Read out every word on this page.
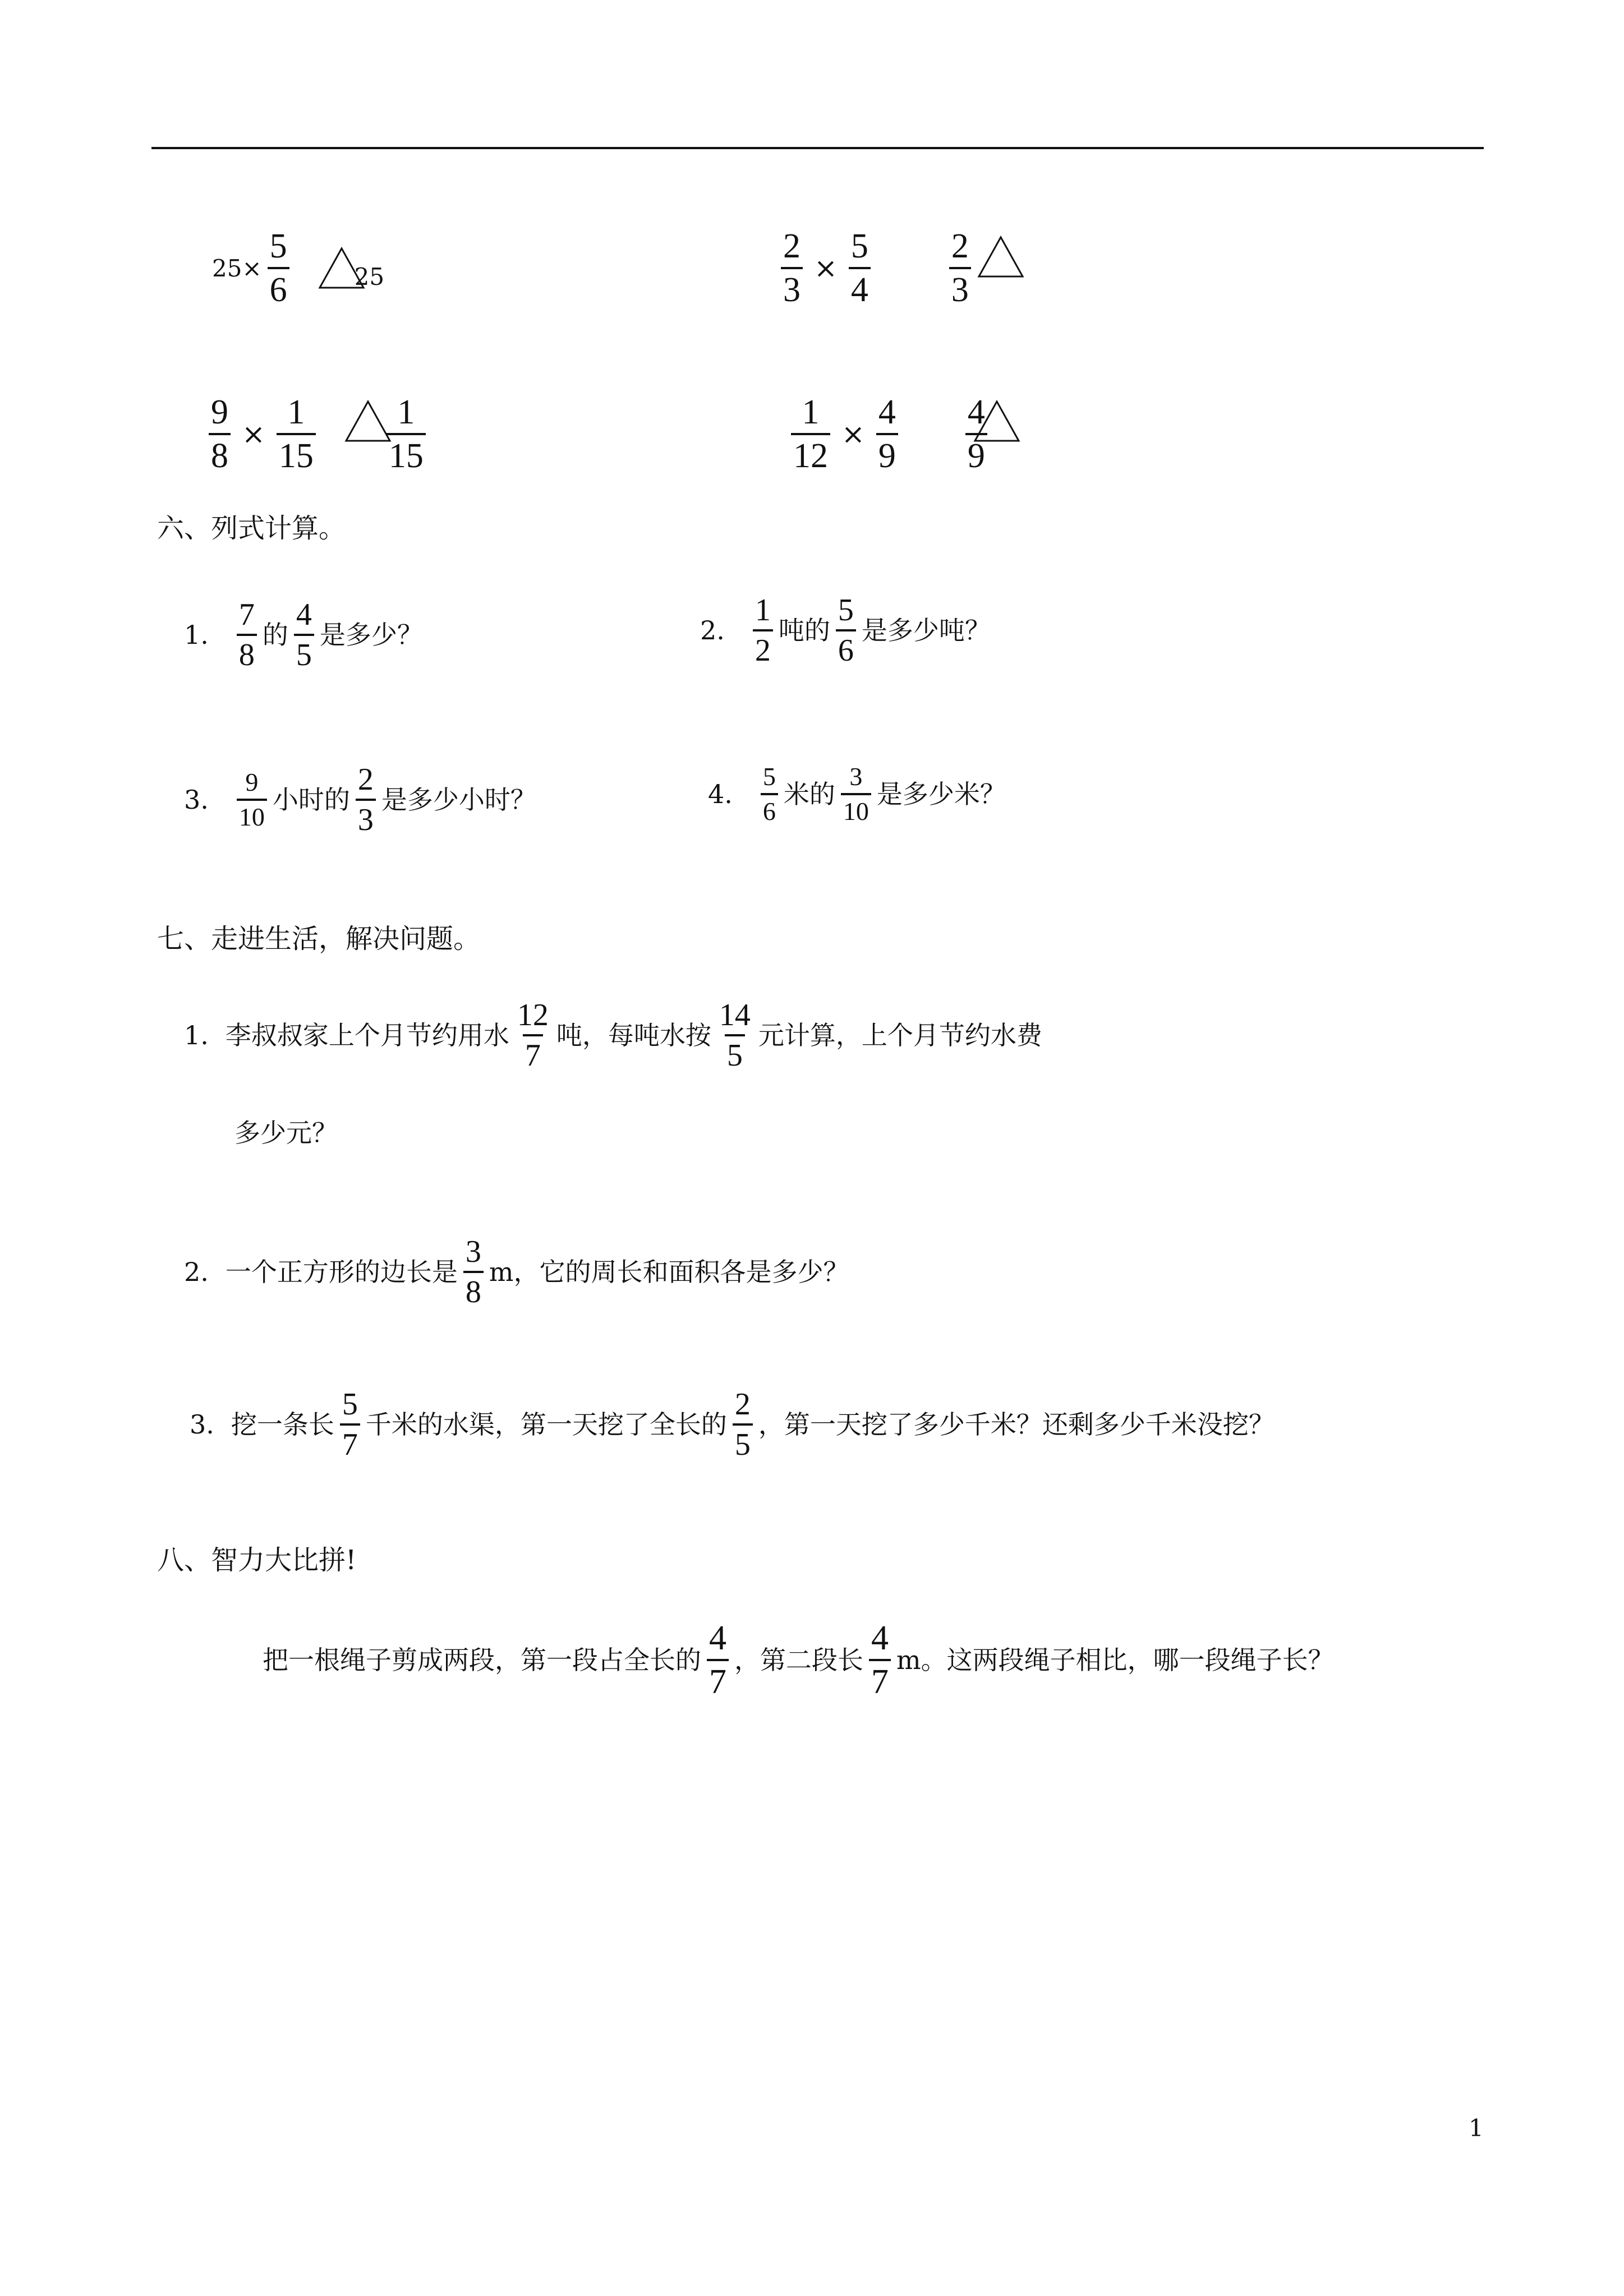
$25\times \frac{5}{6}$	25	$\frac{2}{3} \times \frac{5}{4} \frac{2}{3}$
$\frac{9}{8} \times \frac{1}{15} \frac{1}{15}$	$\frac{1}{12} \times \frac{4}{9} \frac{4}{9}$
六、列式计算。
1. $\frac{7}{8}$ 的 $\frac{4}{5}$ 是多少？	2. $\frac{1}{2}$ 吨的 $\frac{5}{6}$ 是多少吨？
3. $\frac{9}{10}$ 小时的 $\frac{2}{3}$ 是多少小时？	4. $\frac{5}{6}$ 米的 $\frac{3}{10}$ 是多少米？
七、走进生活，解决问题。
1. 李叔叔家上个月节约用水 $\frac{12}{7}$ 吨，每吨水按 $\frac{14}{5}$ 元计算，上个月节约水费
多少元？
2. 一个正方形的边长是 $\frac{3}{8}$ m，它的周长和面积各是多少？
3. 挖一条长 $\frac{5}{7}$ 千米的水渠，第一天挖了全长的 $\frac{2}{5}$ ，第一天挖了多少千米？还剩多少千米没挖？
八、智力大比拼!
把一根绳子剪成两段，第一段占全长的 $\frac{4}{7}$ ，第二段长 $\frac{4}{7}$ m。这两段绳子相比，哪一段绳子长？
1
